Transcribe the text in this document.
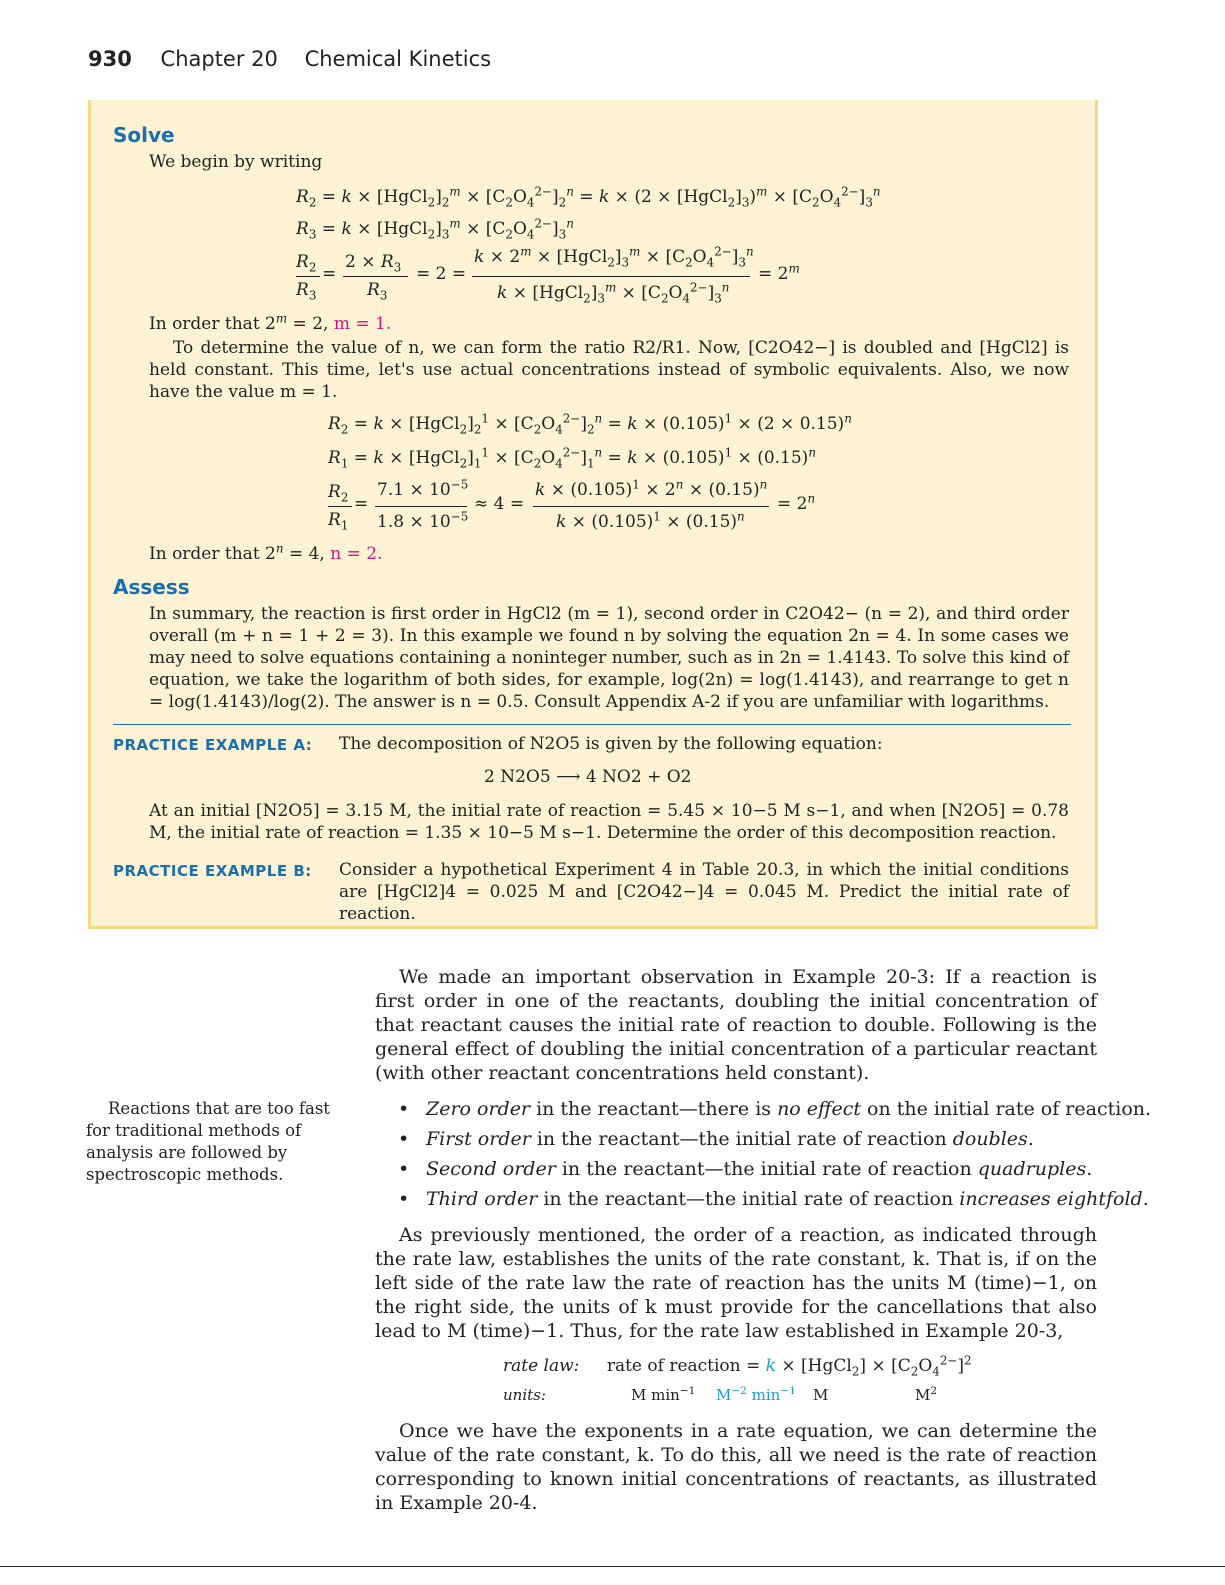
930 Chapter 20 Chemical Kinetics
Solve
We begin by writing
$R_2 = k$ × $[HgCl_2]_2^m \times [C_2O_4^{2-}]_2^n = k \times (2$ × $[HgCl_2]_3)^m \times [C_2O_4^{2-}]_3^n$
$R_3 = k$ × $[HgCl_2]_3^m \times [C_2O_4^{2-}]_3^n$
$R_2$
$R_3$
=
$2 \times R_3$
$R_3$
= 2 =
$k \times 2^m$ × $[HgCl_2]_3^m \times [C_2O_4^{2-}]_3^n$
$k \times [HgCl_2]_3^m \times [C_2O_4^{2-}]_3^n$
= $2^m$
In order that $2^m = 2$, m = 1.
To determine the value of n, we can form the ratio R2/R1. Now, [C2O42−] is doubled and [HgCl2] is held constant. This time, let's use actual concentrations instead of symbolic equivalents. Also, we now have the value m = 1.
$R_2 = k$ × $[HgCl_2]_2^1 \times [C_2O_4^{2-}]_2^n = k \times (0.105)^1 \times (2 \times 0.15)^n$
$R_1 = k$ × $[HgCl_2]_1^1 \times [C_2O_4^{2-}]_1^n = k \times (0.105)^1 \times (0.15)^n$
$R_2$
$R_1$
=
$7.1 \times 10^{-5}$
$1.8 \times 10^{-5}$
≈ 4 =
$k \times (0.105)^1 \times 2^n \times (0.15)^n$
$k \times (0.105)^1 \times (0.15)^n$
= $2^n$
In order that $2^n = 4$, n = 2.
Assess
In summary, the reaction is first order in HgCl2 (m = 1), second order in C2O42− (n = 2), and third order overall (m + n = 1 + 2 = 3). In this example we found n by solving the equation 2n = 4. In some cases we may need to solve equations containing a noninteger number, such as in 2n = 1.4143. To solve this kind of equation, we take the logarithm of both sides, for example, log(2n) = log(1.4143), and rearrange to get n = log(1.4143)/log(2). The answer is n = 0.5. Consult Appendix A-2 if you are unfamiliar with logarithms.
PRACTICE EXAMPLE A: The decomposition of N2O5 is given by the following equation:
2 N2O5 ⟶ 4 NO2 + O2
At an initial [N2O5] = 3.15 M, the initial rate of reaction = 5.45 × 10−5 M s−1, and when [N2O5] = 0.78 M, the initial rate of reaction = 1.35 × 10−5 M s−1. Determine the order of this decomposition reaction.
PRACTICE EXAMPLE B: Consider a hypothetical Experiment 4 in Table 20.3, in which the initial conditions are [HgCl2]4 = 0.025 M and [C2O42−]4 = 0.045 M. Predict the initial rate of reaction.
We made an important observation in Example 20-3: If a reaction is first order in one of the reactants, doubling the initial concentration of that reactant causes the initial rate of reaction to double. Following is the general effect of doubling the initial concentration of a particular reactant (with other reactant concentrations held constant).
Reactions that are too fast for traditional methods of analysis are followed by spectroscopic methods.
• Zero order in the reactant—there is no effect on the initial rate of reaction.
• First order in the reactant—the initial rate of reaction doubles.
• Second order in the reactant—the initial rate of reaction quadruples.
• Third order in the reactant—the initial rate of reaction increases eightfold.
As previously mentioned, the order of a reaction, as indicated through the rate law, establishes the units of the rate constant, k. That is, if on the left side of the rate law the rate of reaction has the units M (time)−1, on the right side, the units of k must provide for the cancellations that also lead to M (time)−1. Thus, for the rate law established in Example 20-3,
rate law: rate of reaction = k × [HgCl$_2$] × $[C_2O_4^{2-}]^2$
units:	M $\min^{-1} M^{-2}$ $\min^{-1} M$	$M^2$
Once we have the exponents in a rate equation, we can determine the value of the rate constant, k. To do this, all we need is the rate of reaction corresponding to known initial concentrations of reactants, as illustrated in Example 20-4.
